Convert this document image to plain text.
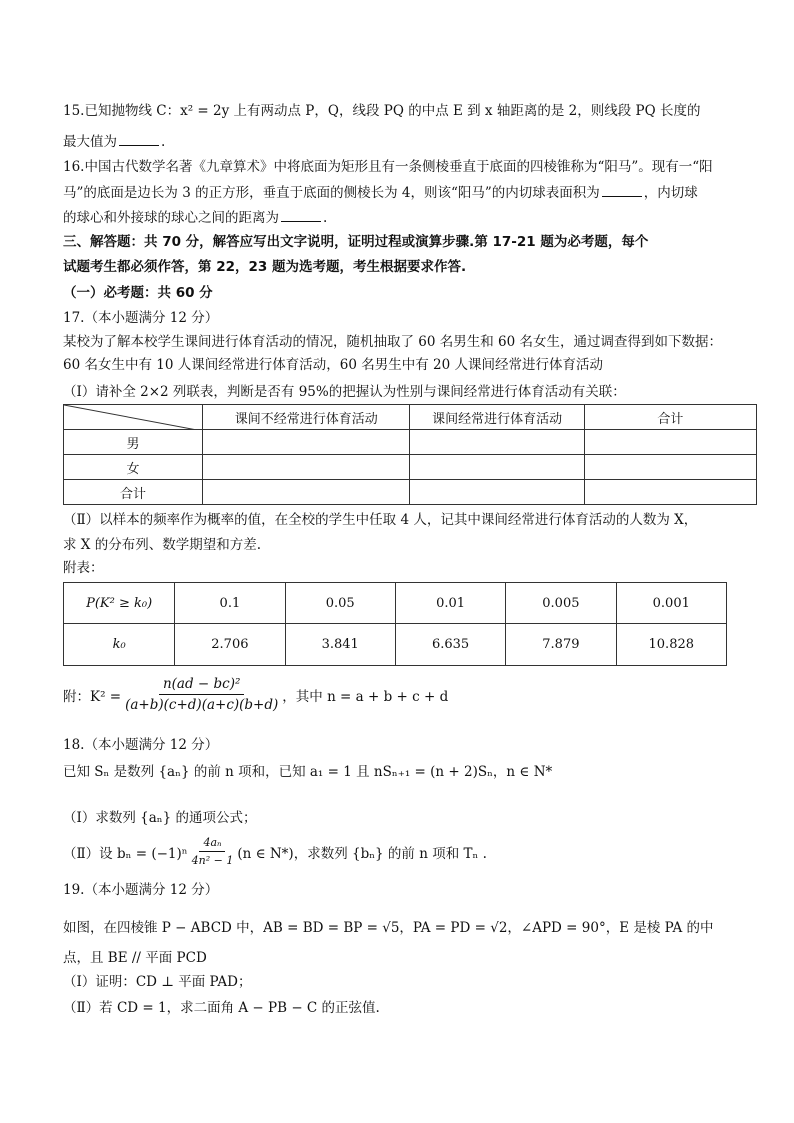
15.已知抛物线 C：x² = 2y 上有两动点 P，Q，线段 PQ 的中点 E 到 x 轴距离的是 2，则线段 PQ 长度的
最大值为	.
16.中国古代数学名著《九章算术》中将底面为矩形且有一条侧棱垂直于底面的四棱锥称为“阳马”。现有一“阳
马”的底面是边长为 3 的正方形，垂直于底面的侧棱长为 4，则该“阳马”的内切球表面积为	，内切球
的球心和外接球的球心之间的距离为	.
三、解答题：共 70 分，解答应写出文字说明，证明过程或演算步骤.第 17-21 题为必考题，每个
试题考生都必须作答，第 22，23 题为选考题，考生根据要求作答.
（一）必考题：共 60 分
17.（本小题满分 12 分）
某校为了解本校学生课间进行体育活动的情况，随机抽取了 60 名男生和 60 名女生，通过调查得到如下数据：
60 名女生中有 10 人课间经常进行体育活动，60 名男生中有 20 人课间经常进行体育活动
（Ⅰ）请补全 2×2 列联表，判断是否有 95%的把握认为性别与课间经常进行体育活动有关联：
	课间不经常进行体育活动	课间经常进行体育活动	合计
男			
女			
合计			
（Ⅱ）以样本的频率作为概率的值，在全校的学生中任取 4 人，记其中课间经常进行体育活动的人数为 X，
求 X 的分布列、数学期望和方差.
附表：
P(K² ≥ k₀)	0.1	0.05	0.01	0.005	0.001
k₀	2.706	3.841	6.635	7.879	10.828
附：$K^2 = \frac{\text{n(ad − bc)²}}{(a+b)(c+d)(a+c)(b+d)}$ ，其中 n = a + b + c + d
18.（本小题满分 12 分）
已知 Sₙ 是数列 {aₙ} 的前 n 项和，已知 a₁ = 1 且 nSₙ₊₁ = (n + 2)Sₙ，n ∈ N*
（Ⅰ）求数列 {aₙ} 的通项公式；
（Ⅱ）设 $b_n = (-1)^n \frac{\text{4aₙ}}{\text{4n² − 1}} (n$ ∈ N*)，求数列 {bₙ} 的前 n 项和 Tₙ .
19.（本小题满分 12 分）
如图，在四棱锥 P − ABCD 中，AB = BD = BP = √5，PA = PD = √2，∠APD = 90°，E 是棱 PA 的中
点，且 BE // 平面 PCD
（Ⅰ）证明：CD ⊥ 平面 PAD；
（Ⅱ）若 CD = 1，求二面角 A − PB − C 的正弦值.
